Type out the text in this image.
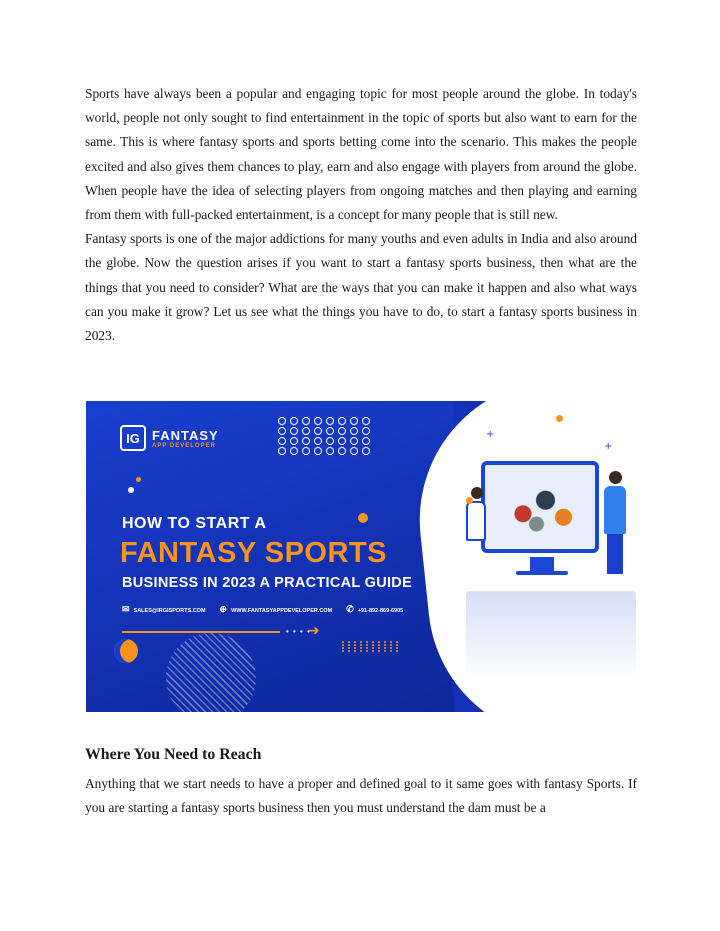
Sports have always been a popular and engaging topic for most people around the globe. In today's world, people not only sought to find entertainment in the topic of sports but also want to earn for the same. This is where fantasy sports and sports betting come into the scenario. This makes the people excited and also gives them chances to play, earn and also engage with players from around the globe. When people have the idea of selecting players from ongoing matches and then playing and earning from them with full-packed entertainment, is a concept for many people that is still new.

Fantasy sports is one of the major addictions for many youths and even adults in India and also around the globe. Now the question arises if you want to start a fantasy sports business, then what are the things that you need to consider? What are the ways that you can make it happen and also what ways can you make it grow? Let us see what the things you have to do, to start a fantasy sports business in 2023.

IG FANTASY
APP DEVELOPER
HOW TO START A
FANTASY SPORTS
BUSINESS IN 2023 A PRACTICAL GUIDE
✉ SALES@IRGISPORTS.COM ⊕ WWW.FANTASYAPPDEVELOPER.COM ✆ +91-892-869-6905
• • • •
➜
+
+
Where You Need to Reach

Anything that we start needs to have a proper and defined goal to it same goes with fantasy Sports. If you are starting a fantasy sports business then you must understand the dam must be a
